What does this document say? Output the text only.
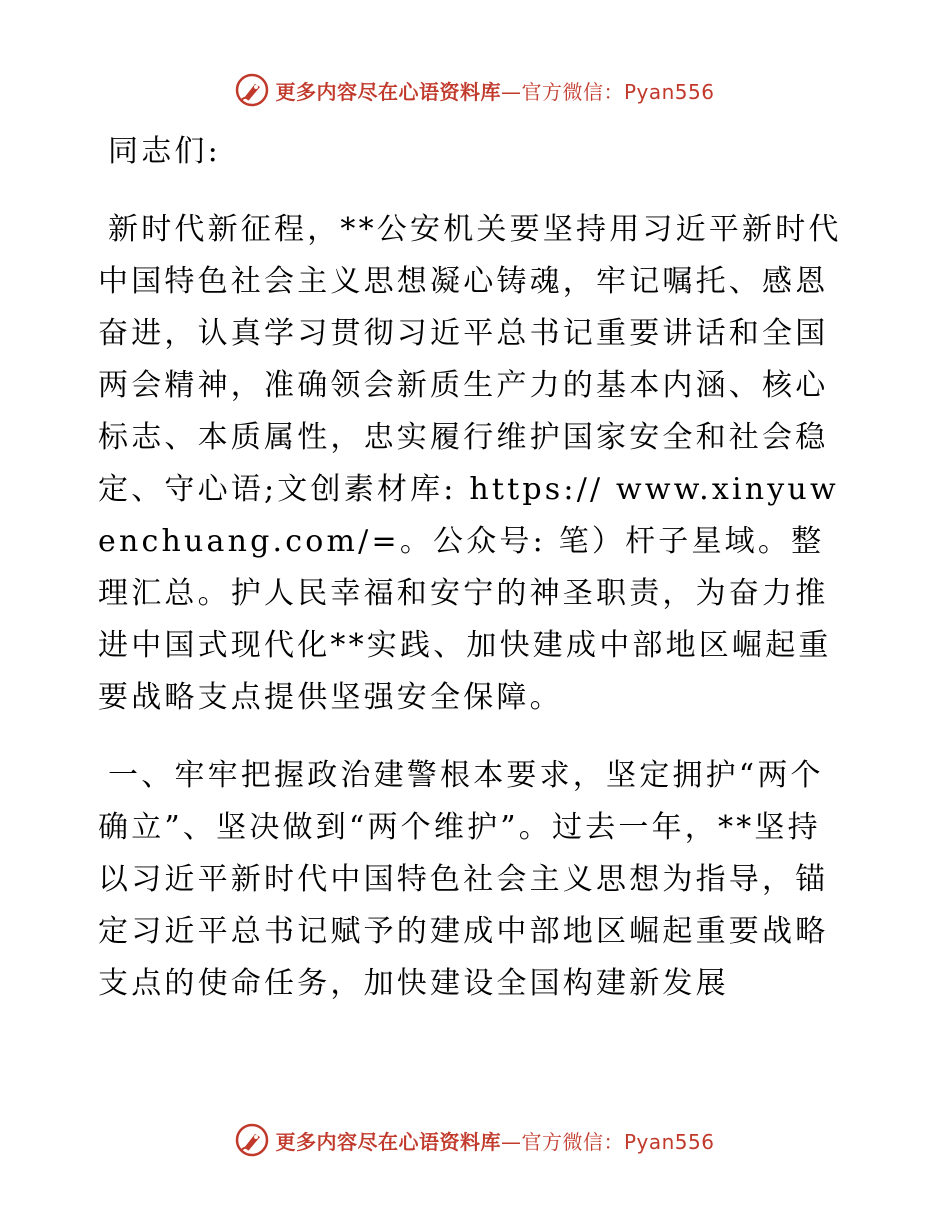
更多内容尽在心语资料库—官方微信：Pyan556

同志们:

新时代新征程，**公安机关要坚持用习近平新时代中国特色社会主义思想凝心铸魂，牢记嘱托、感恩奋进，认真学习贯彻习近平总书记重要讲话和全国两会精神，准确领会新质生产力的基本内涵、核心标志、本质属性，忠实履行维护国家安全和社会稳定、守心语;文创素材库: https:// www.xinyuwenchuang.com/=。公众号: 笔）杆子星域。整理汇总。护人民幸福和安宁的神圣职责，为奋力推进中国式现代化**实践、加快建成中部地区崛起重要战略支点提供坚强安全保障。

一、牢牢把握政治建警根本要求，坚定拥护“两个确立”、坚决做到“两个维护”。过去一年，**坚持以习近平新时代中国特色社会主义思想为指导，锚定习近平总书记赋予的建成中部地区崛起重要战略支点的使命任务，加快建设全国构建新发展

更多内容尽在心语资料库—官方微信：Pyan556
